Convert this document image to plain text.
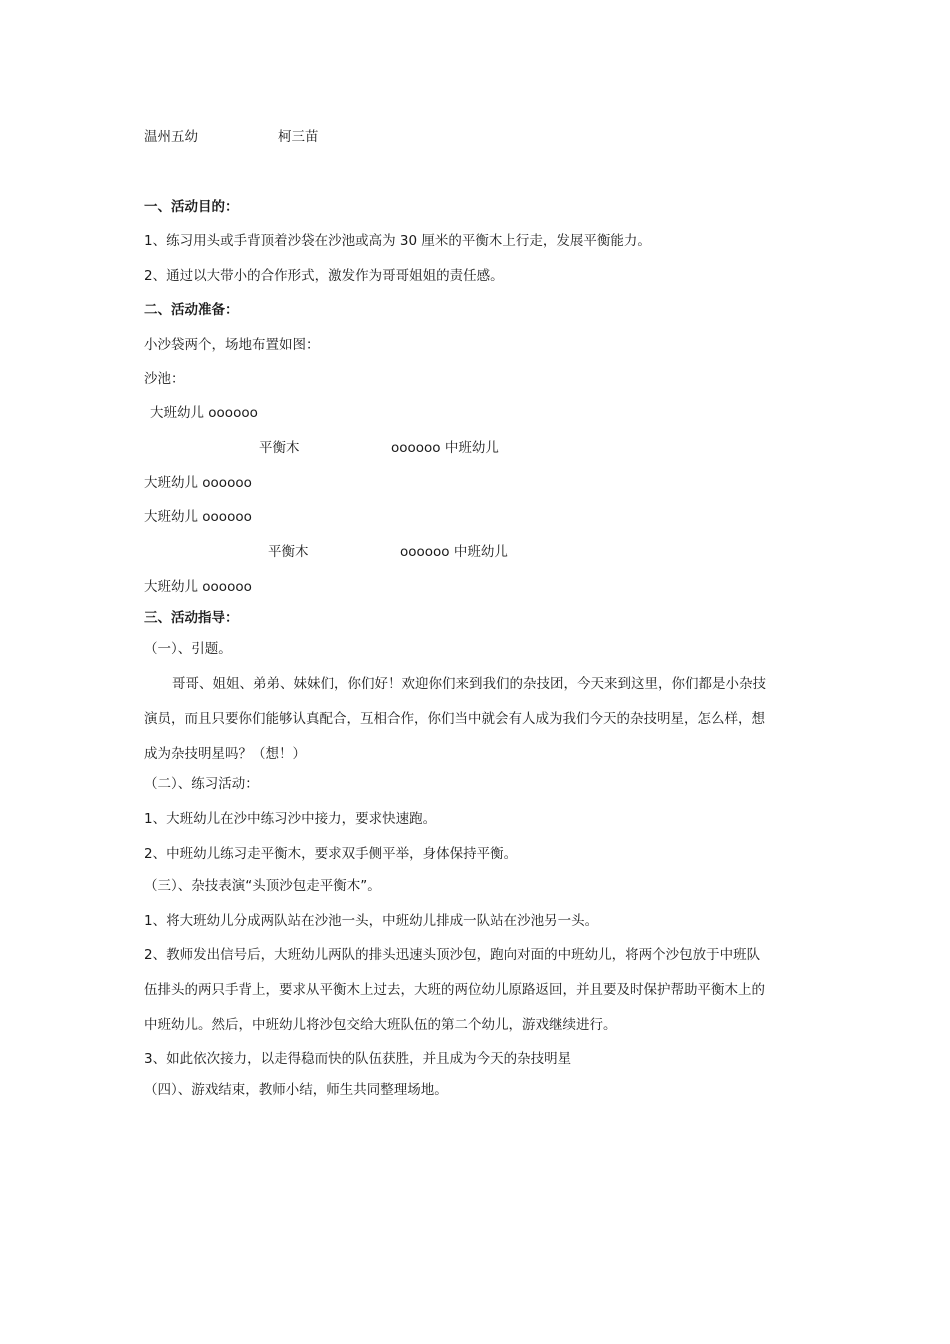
温州五幼	柯三苗
一、活动目的：
1、练习用头或手背顶着沙袋在沙池或高为 30 厘米的平衡木上行走，发展平衡能力。
2、通过以大带小的合作形式，激发作为哥哥姐姐的责任感。
二、活动准备：
小沙袋两个，场地布置如图：
沙池：
大班幼儿 oooooo
平衡木	oooooo 中班幼儿
大班幼儿 oooooo
大班幼儿 oooooo
平衡木	oooooo 中班幼儿
大班幼儿 oooooo
三、活动指导：
（一）、引题。
哥哥、姐姐、弟弟、妹妹们，你们好！欢迎你们来到我们的杂技团，今天来到这里，你们都是小杂技
演员，而且只要你们能够认真配合，互相合作，你们当中就会有人成为我们今天的杂技明星，怎么样，想
成为杂技明星吗？（想！）
（二）、练习活动：
1、大班幼儿在沙中练习沙中接力，要求快速跑。
2、中班幼儿练习走平衡木，要求双手侧平举，身体保持平衡。
（三）、杂技表演“头顶沙包走平衡木”。
1、将大班幼儿分成两队站在沙池一头，中班幼儿排成一队站在沙池另一头。
2、教师发出信号后，大班幼儿两队的排头迅速头顶沙包，跑向对面的中班幼儿，将两个沙包放于中班队
伍排头的两只手背上，要求从平衡木上过去，大班的两位幼儿原路返回，并且要及时保护帮助平衡木上的
中班幼儿。然后，中班幼儿将沙包交给大班队伍的第二个幼儿，游戏继续进行。
3、如此依次接力，以走得稳而快的队伍获胜，并且成为今天的杂技明星
（四）、游戏结束，教师小结，师生共同整理场地。
